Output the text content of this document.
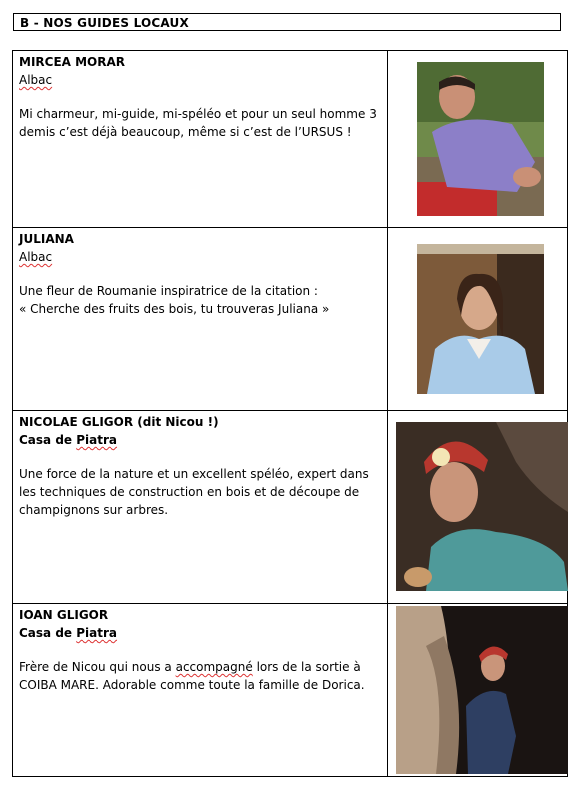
B - NOS GUIDES LOCAUX
MIRCEA MORAR
Albac
Mi charmeur, mi-guide, mi-spéléo et pour un seul homme 3 demis c’est déjà beaucoup, même si c’est de l’URSUS !

JULIANA
Albac
Une fleur de Roumanie inspiratrice de la citation :
« Cherche des fruits des bois, tu trouveras Juliana »

NICOLAE GLIGOR (dit Nicou !)
Casa de Piatra
Une force de la nature et un excellent spéléo, expert dans les techniques de construction en bois et de découpe de champignons sur arbres.

IOAN GLIGOR
Casa de Piatra
Frère de Nicou qui nous a accompagné lors de la sortie à COIBA MARE. Adorable comme toute la famille de Dorica.
